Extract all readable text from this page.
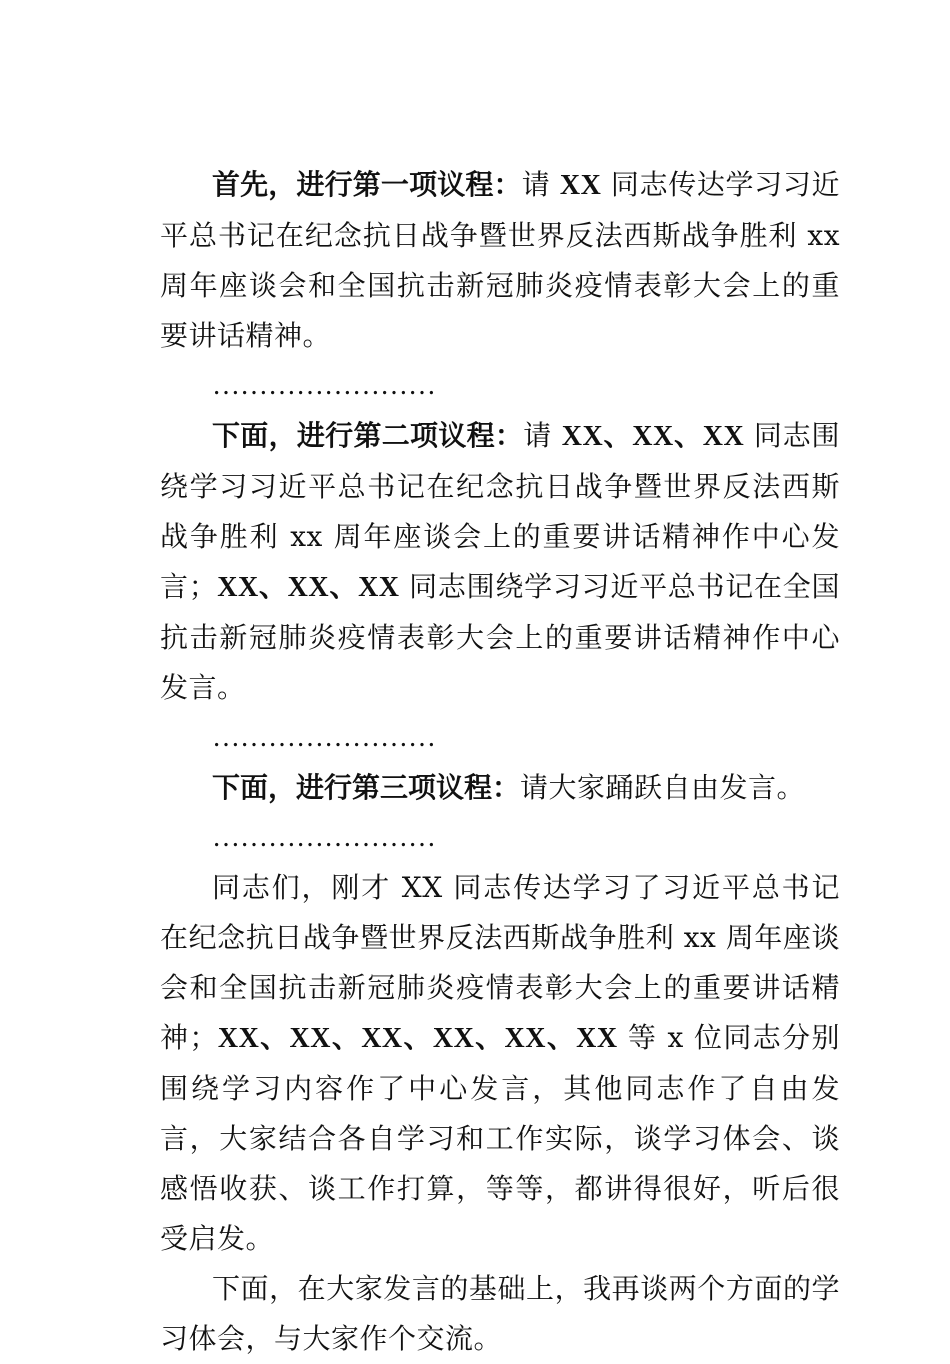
首先，进行第一项议程：请 XX 同志传达学习习近平总书记在纪念抗日战争暨世界反法西斯战争胜利 xx 周年座谈会和全国抗击新冠肺炎疫情表彰大会上的重要讲话精神。

……………………

下面，进行第二项议程：请 XX、XX、XX 同志围绕学习习近平总书记在纪念抗日战争暨世界反法西斯战争胜利 xx 周年座谈会上的重要讲话精神作中心发言；XX、XX、XX 同志围绕学习习近平总书记在全国抗击新冠肺炎疫情表彰大会上的重要讲话精神作中心发言。

……………………

下面，进行第三项议程：请大家踊跃自由发言。

……………………

同志们，刚才 XX 同志传达学习了习近平总书记在纪念抗日战争暨世界反法西斯战争胜利 xx 周年座谈会和全国抗击新冠肺炎疫情表彰大会上的重要讲话精神；XX、XX、XX、XX、XX、XX 等 x 位同志分别围绕学习内容作了中心发言，其他同志作了自由发言，大家结合各自学习和工作实际，谈学习体会、谈感悟收获、谈工作打算，等等，都讲得很好，听后很受启发。

下面，在大家发言的基础上，我再谈两个方面的学习体会，与大家作个交流。
